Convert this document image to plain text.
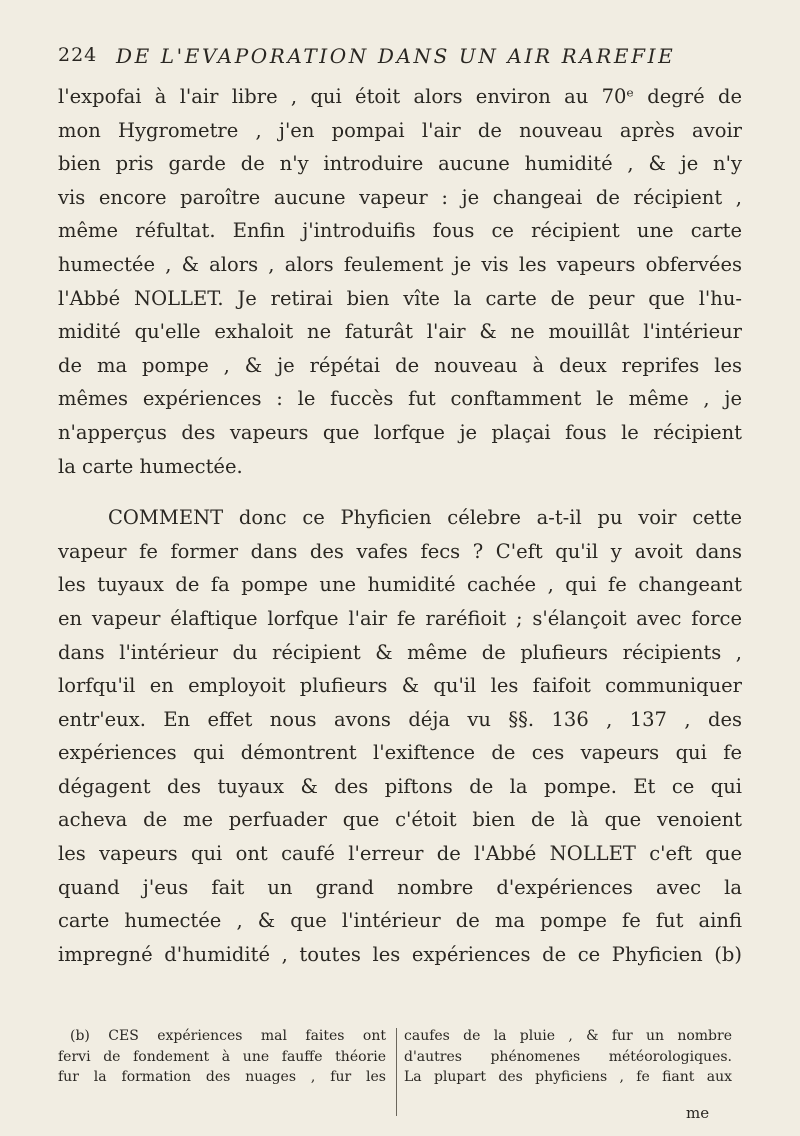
224 DE L'EVAPORATION DANS UN AIR RAREFIE
l'expofai à l'air libre , qui étoit alors environ au 70ᵉ degré de
mon Hygrometre , j'en pompai l'air de nouveau après avoir
bien pris garde de n'y introduire aucune humidité , & je n'y
vis encore paroître aucune vapeur : je changeai de récipient ,
même réfultat. Enfin j'introduifis fous ce récipient une carte
humectée , & alors , alors feulement je vis les vapeurs obfervées
l'Abbé NOLLET. Je retirai bien vîte la carte de peur que l'hu-
midité qu'elle exhaloit ne faturât l'air & ne mouillât l'intérieur
de ma pompe , & je répétai de nouveau à deux reprifes les
mêmes expériences : le fuccès fut conftamment le même , je
n'apperçus des vapeurs que lorfque je plaçai fous le récipient
la carte humectée.
COMMENT donc ce Phyficien célebre a-t-il pu voir cette
vapeur fe former dans des vafes fecs ? C'eft qu'il y avoit dans
les tuyaux de fa pompe une humidité cachée , qui fe changeant
en vapeur élaftique lorfque l'air fe raréfioit ; s'élançoit avec force
dans l'intérieur du récipient & même de plufieurs récipients ,
lorfqu'il en employoit plufieurs & qu'il les faifoit communiquer
entr'eux. En effet nous avons déja vu §§. 136 , 137 , des
expériences qui démontrent l'exiftence de ces vapeurs qui fe
dégagent des tuyaux & des piftons de la pompe. Et ce qui
acheva de me perfuader que c'étoit bien de là que venoient
les vapeurs qui ont caufé l'erreur de l'Abbé NOLLET c'eft que
quand j'eus fait un grand nombre d'expériences avec la
carte humectée , & que l'intérieur de ma pompe fe fut ainfi
impregné d'humidité , toutes les expériences de ce Phyficien (b)
(b) CES expériences mal faites ont
fervi de fondement à une fauffe théorie
fur la formation des nuages , fur les
caufes de la pluie , & fur un nombre
d'autres phénomenes météorologiques.
La plupart des phyficiens , fe fiant aux
me
